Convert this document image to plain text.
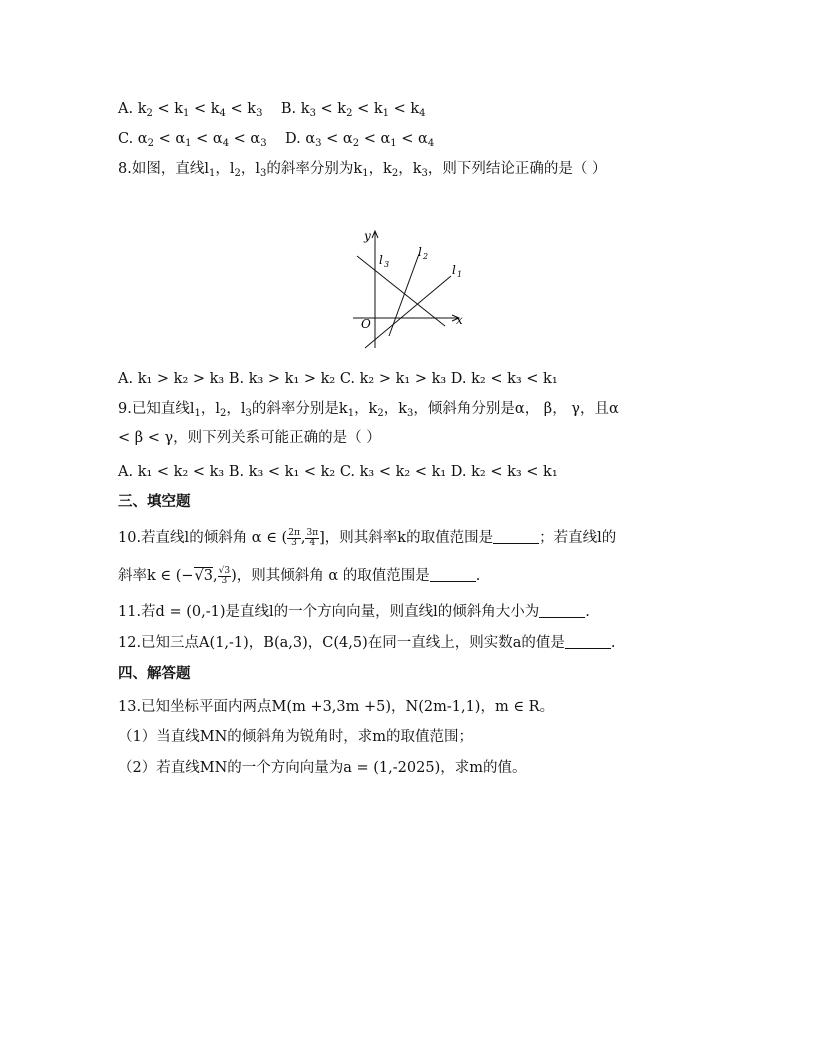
A. $k_2 < k_1 < k_4 < k_3$ B. $k_3 < k_2 < k_1 < k_4$
C. $\alpha_2 < \alpha_1 < \alpha_4 < \alpha_3$ D. $\alpha_3 < \alpha_2 < \alpha_1 < \alpha_4$
8.如图，直线$l_1$，$l_2$，$l_3$的斜率分别为$k_1$，$k_2$，$k_3$，则下列结论正确的是（ ）
y
x
O
l 3
l 2
l 1
A. k₁ > k₂ > k₃ B. k₃ > k₁ > k₂ C. k₂ > k₁ > k₃ D. k₂ < k₃ < k₁
9.已知直线$l_1$，$l_2$，$l_3$的斜率分别是$k_1$，$k_2$，$k_3$，倾斜角分别是α， β， γ，且α
< β < γ，则下列关系可能正确的是（ ）
A. k₁ < k₂ < k₃ B. k₃ < k₁ < k₂ C. k₃ < k₂ < k₁ D. k₂ < k₃ < k₁
三、填空题
10.若直线l的倾斜角 α ∈ ( $\frac{2\pi}{3}$ , $\frac{3\pi}{4}$ ]，则其斜率k的取值范围是	；若直线l的
斜率k ∈ (−√3, $\frac{√3}{3}$ )，则其倾斜角 α 的取值范围是	.
11.若d = (0,-1)是直线l的一个方向向量，则直线l的倾斜角大小为	.
12.已知三点A(1,-1)，B(a,3)，C(4,5)在同一直线上，则实数a的值是	.
四、解答题
13.已知坐标平面内两点M(m +3,3m +5)，N(2m-1,1)，m ∈ R。
（1）当直线MN的倾斜角为锐角时，求m的取值范围；
（2）若直线MN的一个方向向量为a = (1,-2025)，求m的值。
